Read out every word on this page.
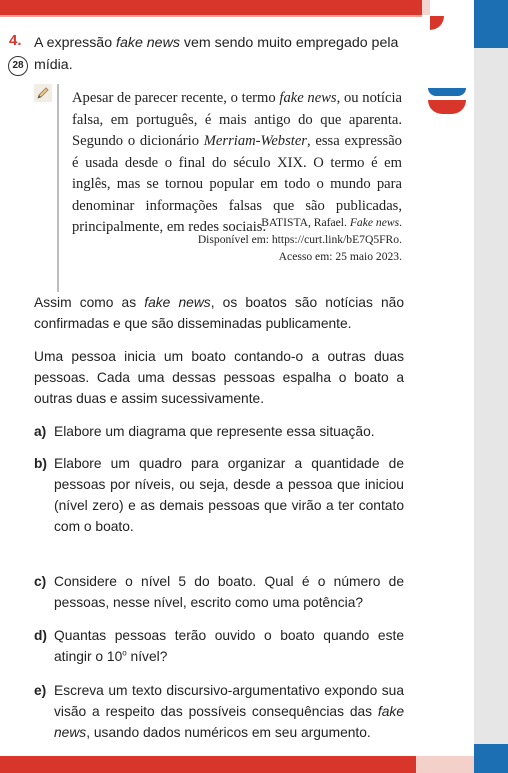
4. A expressão fake news vem sendo muito empregado pela mídia.
28
Apesar de parecer recente, o termo fake news, ou notícia falsa, em português, é mais antigo do que aparenta. Segundo o dicionário Merriam-Webster, essa expressão é usada desde o final do século XIX. O termo é em inglês, mas se tornou popular em todo o mundo para denominar informações falsas que são publicadas, principalmente, em redes sociais.
BATISTA, Rafael. Fake news.
Disponível em: https://curt.link/bE7Q5FRo.
Acesso em: 25 maio 2023.
Assim como as fake news, os boatos são notícias não confirmadas e que são disseminadas publicamente.
Uma pessoa inicia um boato contando-o a outras duas pessoas. Cada uma dessas pessoas espalha o boato a outras duas e assim sucessivamente.
a) Elabore um diagrama que represente essa situação.
b) Elabore um quadro para organizar a quantidade de pessoas por níveis, ou seja, desde a pessoa que iniciou (nível zero) e as demais pessoas que virão a ter contato com o boato.
c) Considere o nível 5 do boato. Qual é o número de pessoas, nesse nível, escrito como uma potência?
d) Quantas pessoas terão ouvido o boato quando este atingir o 10$^o$ nível?
e) Escreva um texto discursivo-argumentativo expondo sua visão a respeito das possíveis consequências das fake news, usando dados numéricos em seu argumento.
